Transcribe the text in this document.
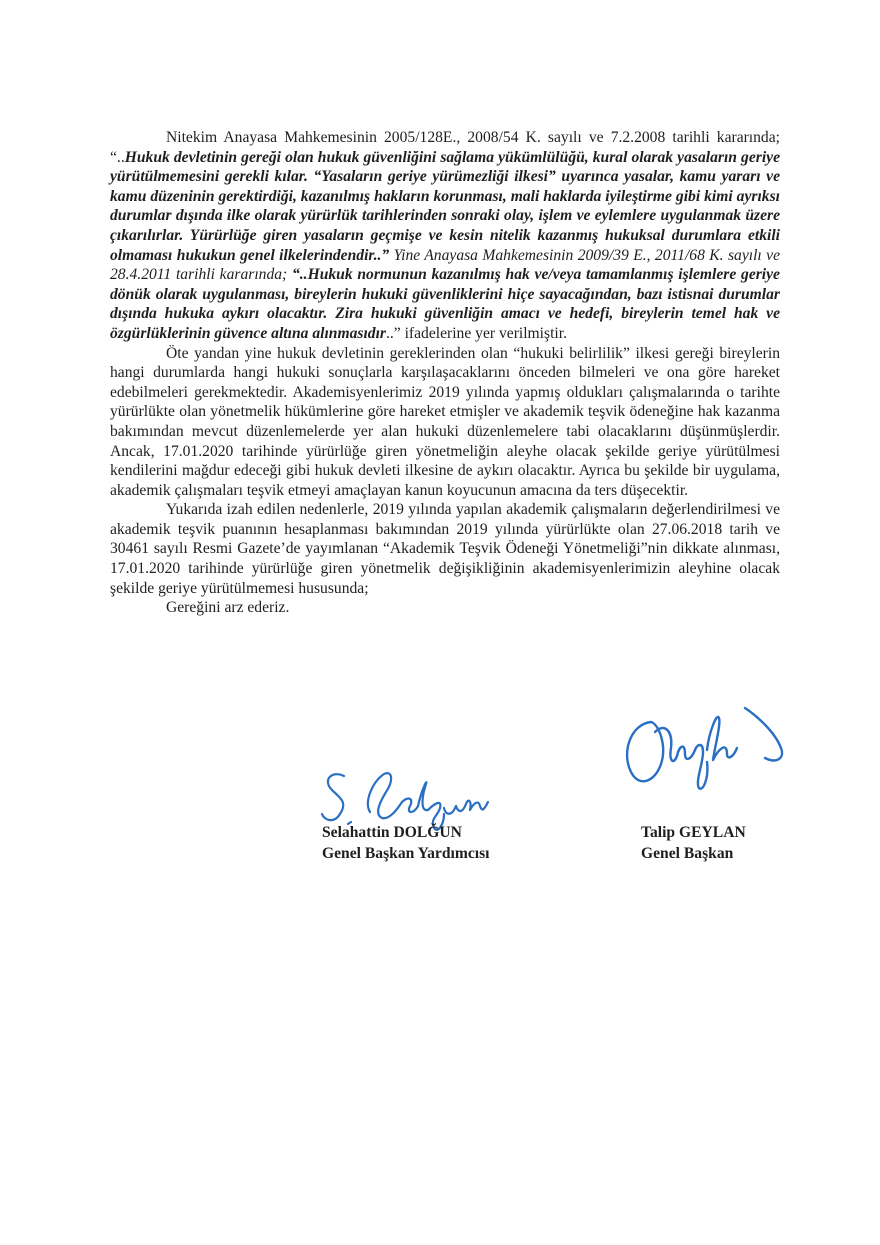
Nitekim Anayasa Mahkemesinin 2005/128E., 2008/54 K. sayılı ve 7.2.2008 tarihli kararında; “..Hukuk devletinin gereği olan hukuk güvenliğini sağlama yükümlülüğü, kural olarak yasaların geriye yürütülmemesini gerekli kılar. “Yasaların geriye yürümezliği ilkesi” uyarınca yasalar, kamu yararı ve kamu düzeninin gerektirdiği, kazanılmış hakların korunması, mali haklarda iyileştirme gibi kimi ayrıksı durumlar dışında ilke olarak yürürlük tarihlerinden sonraki olay, işlem ve eylemlere uygulanmak üzere çıkarılırlar. Yürürlüğe giren yasaların geçmişe ve kesin nitelik kazanmış hukuksal durumlara etkili olmaması hukukun genel ilkelerindendir..” Yine Anayasa Mahkemesinin 2009/39 E., 2011/68 K. sayılı ve 28.4.2011 tarihli kararında; “..Hukuk normunun kazanılmış hak ve/veya tamamlanmış işlemlere geriye dönük olarak uygulanması, bireylerin hukuki güvenliklerini hiçe sayacağından, bazı istisnai durumlar dışında hukuka aykırı olacaktır. Zira hukuki güvenliğin amacı ve hedefi, bireylerin temel hak ve özgürlüklerinin güvence altına alınmasıdır..” ifadelerine yer verilmiştir.

Öte yandan yine hukuk devletinin gereklerinden olan “hukuki belirlilik” ilkesi gereği bireylerin hangi durumlarda hangi hukuki sonuçlarla karşılaşacaklarını önceden bilmeleri ve ona göre hareket edebilmeleri gerekmektedir. Akademisyenlerimiz 2019 yılında yapmış oldukları çalışmalarında o tarihte yürürlükte olan yönetmelik hükümlerine göre hareket etmişler ve akademik teşvik ödeneğine hak kazanma bakımından mevcut düzenlemelerde yer alan hukuki düzenlemelere tabi olacaklarını düşünmüşlerdir. Ancak, 17.01.2020 tarihinde yürürlüğe giren yönetmeliğin aleyhe olacak şekilde geriye yürütülmesi kendilerini mağdur edeceği gibi hukuk devleti ilkesine de aykırı olacaktır. Ayrıca bu şekilde bir uygulama, akademik çalışmaları teşvik etmeyi amaçlayan kanun koyucunun amacına da ters düşecektir.

Yukarıda izah edilen nedenlerle, 2019 yılında yapılan akademik çalışmaların değerlendirilmesi ve akademik teşvik puanının hesaplanması bakımından 2019 yılında yürürlükte olan 27.06.2018 tarih ve 30461 sayılı Resmi Gazete’de yayımlanan “Akademik Teşvik Ödeneği Yönetmeliği”nin dikkate alınması, 17.01.2020 tarihinde yürürlüğe giren yönetmelik değişikliğinin akademisyenlerimizin aleyhine olacak şekilde geriye yürütülmemesi hususunda;

Gereğini arz ederiz.

Selahattin DOLĞUN
Genel Başkan Yardımcısı
Talip GEYLAN
Genel Başkan
